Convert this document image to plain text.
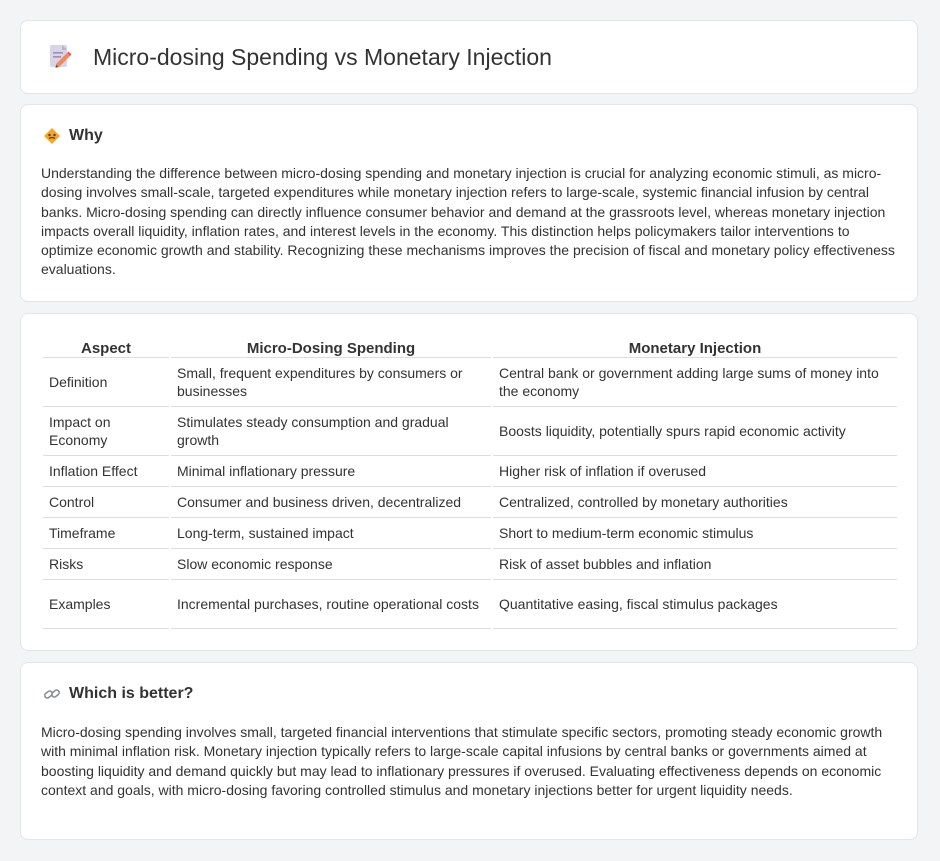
Micro-dosing Spending vs Monetary Injection
Why

Understanding the difference between micro-dosing spending and monetary injection is crucial for analyzing economic stimuli, as micro-dosing involves small-scale, targeted expenditures while monetary injection refers to large-scale, systemic financial infusion by central banks. Micro-dosing spending can directly influence consumer behavior and demand at the grassroots level, whereas monetary injection impacts overall liquidity, inflation rates, and interest levels in the economy. This distinction helps policymakers tailor interventions to optimize economic growth and stability. Recognizing these mechanisms improves the precision of fiscal and monetary policy effectiveness evaluations.

Aspect	Micro-Dosing Spending	Monetary Injection
Definition	Small, frequent expenditures by consumers or businesses	Central bank or government adding large sums of money into the economy
Impact on Economy	Stimulates steady consumption and gradual growth	Boosts liquidity, potentially spurs rapid economic activity
Inflation Effect	Minimal inflationary pressure	Higher risk of inflation if overused
Control	Consumer and business driven, decentralized	Centralized, controlled by monetary authorities
Timeframe	Long-term, sustained impact	Short to medium-term economic stimulus
Risks	Slow economic response	Risk of asset bubbles and inflation
Examples	Incremental purchases, routine operational costs	Quantitative easing, fiscal stimulus packages
Which is better?

Micro-dosing spending involves small, targeted financial interventions that stimulate specific sectors, promoting steady economic growth with minimal inflation risk. Monetary injection typically refers to large-scale capital infusions by central banks or governments aimed at boosting liquidity and demand quickly but may lead to inflationary pressures if overused. Evaluating effectiveness depends on economic context and goals, with micro-dosing favoring controlled stimulus and monetary injections better for urgent liquidity needs.
